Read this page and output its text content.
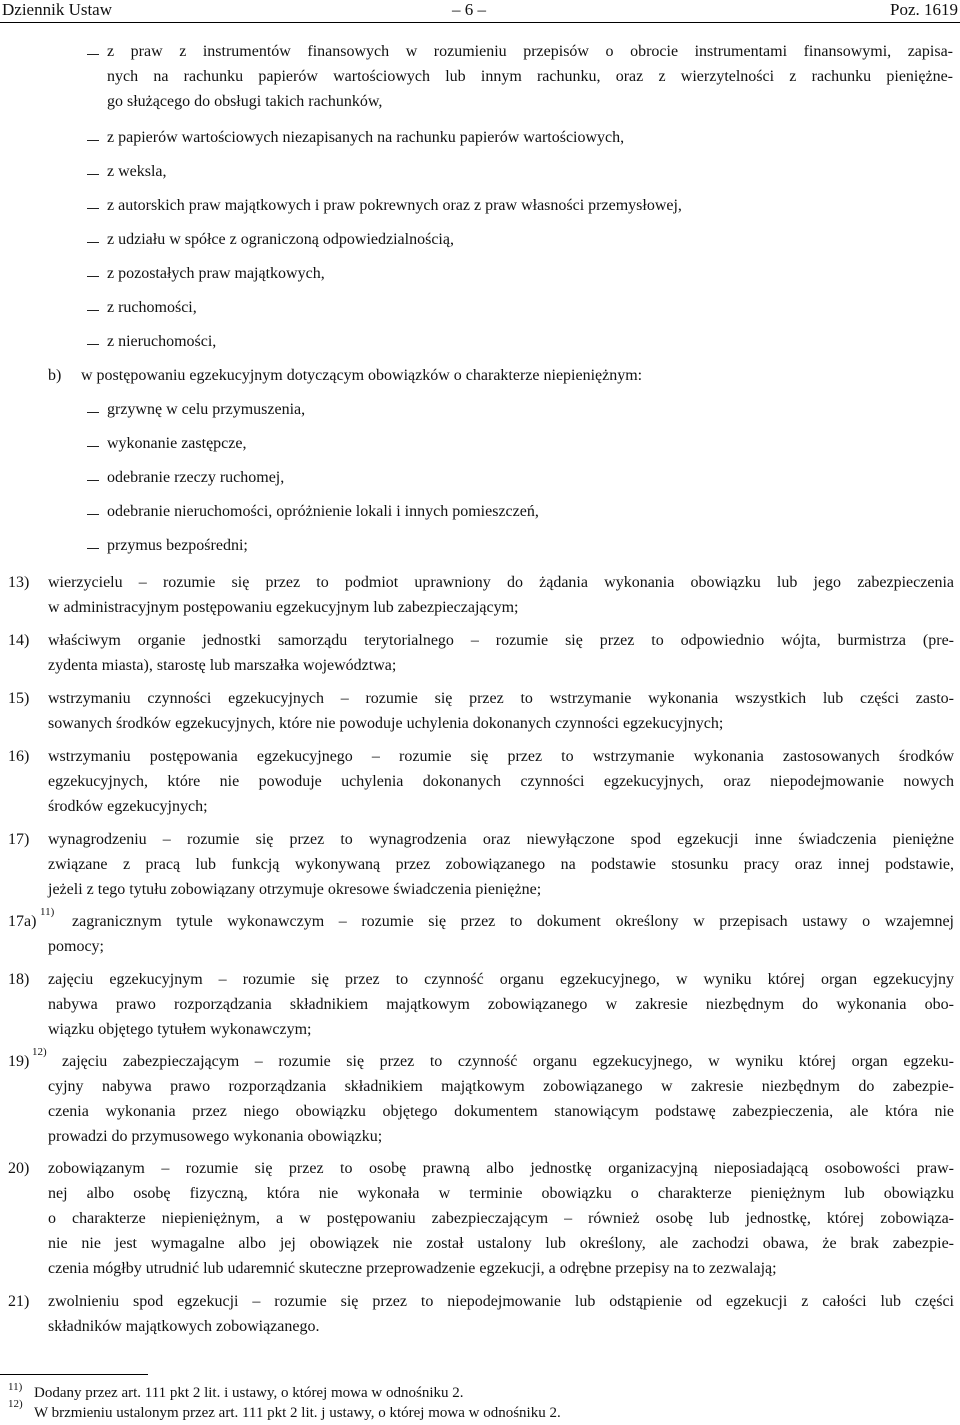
Dziennik Ustaw	– 6 –	Poz. 1619
z praw z instrumentów finansowych w rozumieniu przepisów o obrocie instrumentami finansowymi, zapisa-
nych na rachunku papierów wartościowych lub innym rachunku, oraz z wierzytelności z rachunku pieniężne-
go służącego do obsługi takich rachunków,
z papierów wartościowych niezapisanych na rachunku papierów wartościowych,
z weksla,
z autorskich praw majątkowych i praw pokrewnych oraz z praw własności przemysłowej,
z udziału w spółce z ograniczoną odpowiedzialnością,
z pozostałych praw majątkowych,
z ruchomości,
z nieruchomości,
b) w postępowaniu egzekucyjnym dotyczącym obowiązków o charakterze niepieniężnym:
grzywnę w celu przymuszenia,
wykonanie zastępcze,
odebranie rzeczy ruchomej,
odebranie nieruchomości, opróżnienie lokali i innych pomieszczeń,
przymus bezpośredni;
13) wierzycielu – rozumie się przez to podmiot uprawniony do żądania wykonania obowiązku lub jego zabezpieczenia
w administracyjnym postępowaniu egzekucyjnym lub zabezpieczającym;
14) właściwym organie jednostki samorządu terytorialnego – rozumie się przez to odpowiednio wójta, burmistrza (pre-
zydenta miasta), starostę lub marszałka województwa;
15) wstrzymaniu czynności egzekucyjnych – rozumie się przez to wstrzymanie wykonania wszystkich lub części zasto-
sowanych środków egzekucyjnych, które nie powoduje uchylenia dokonanych czynności egzekucyjnych;
16) wstrzymaniu postępowania egzekucyjnego – rozumie się przez to wstrzymanie wykonania zastosowanych środków
egzekucyjnych, które nie powoduje uchylenia dokonanych czynności egzekucyjnych, oraz niepodejmowanie nowych
środków egzekucyjnych;
17) wynagrodzeniu – rozumie się przez to wynagrodzenia oraz niewyłączone spod egzekucji inne świadczenia pieniężne
związane z pracą lub funkcją wykonywaną przez zobowiązanego na podstawie stosunku pracy oraz innej podstawie,
jeżeli z tego tytułu zobowiązany otrzymuje okresowe świadczenia pieniężne;
17a)
11)
zagranicznym tytule wykonawczym – rozumie się przez to dokument określony w przepisach ustawy o wzajemnej
pomocy;
18) zajęciu egzekucyjnym – rozumie się przez to czynność organu egzekucyjnego, w wyniku której organ egzekucyjny
nabywa prawo rozporządzania składnikiem majątkowym zobowiązanego w zakresie niezbędnym do wykonania obo-
wiązku objętego tytułem wykonawczym;
19)
12)
zajęciu zabezpieczającym – rozumie się przez to czynność organu egzekucyjnego, w wyniku której organ egzeku-
cyjny nabywa prawo rozporządzania składnikiem majątkowym zobowiązanego w zakresie niezbędnym do zabezpie-
czenia wykonania przez niego obowiązku objętego dokumentem stanowiącym podstawę zabezpieczenia, ale która nie
prowadzi do przymusowego wykonania obowiązku;
20) zobowiązanym – rozumie się przez to osobę prawną albo jednostkę organizacyjną nieposiadającą osobowości praw-
nej albo osobę fizyczną, która nie wykonała w terminie obowiązku o charakterze pieniężnym lub obowiązku
o charakterze niepieniężnym, a w postępowaniu zabezpieczającym – również osobę lub jednostkę, której zobowiąza-
nie nie jest wymagalne albo jej obowiązek nie został ustalony lub określony, ale zachodzi obawa, że brak zabezpie-
czenia mógłby utrudnić lub udaremnić skuteczne przeprowadzenie egzekucji, a odrębne przepisy na to zezwalają;
21) zwolnieniu spod egzekucji – rozumie się przez to niepodejmowanie lub odstąpienie od egzekucji z całości lub części
składników majątkowych zobowiązanego.
11) Dodany przez art. 111 pkt 2 lit. i ustawy, o której mowa w odnośniku 2.
12)
W brzmieniu ustalonym przez art. 111 pkt 2 lit. j ustawy, o której mowa w odnośniku 2.
